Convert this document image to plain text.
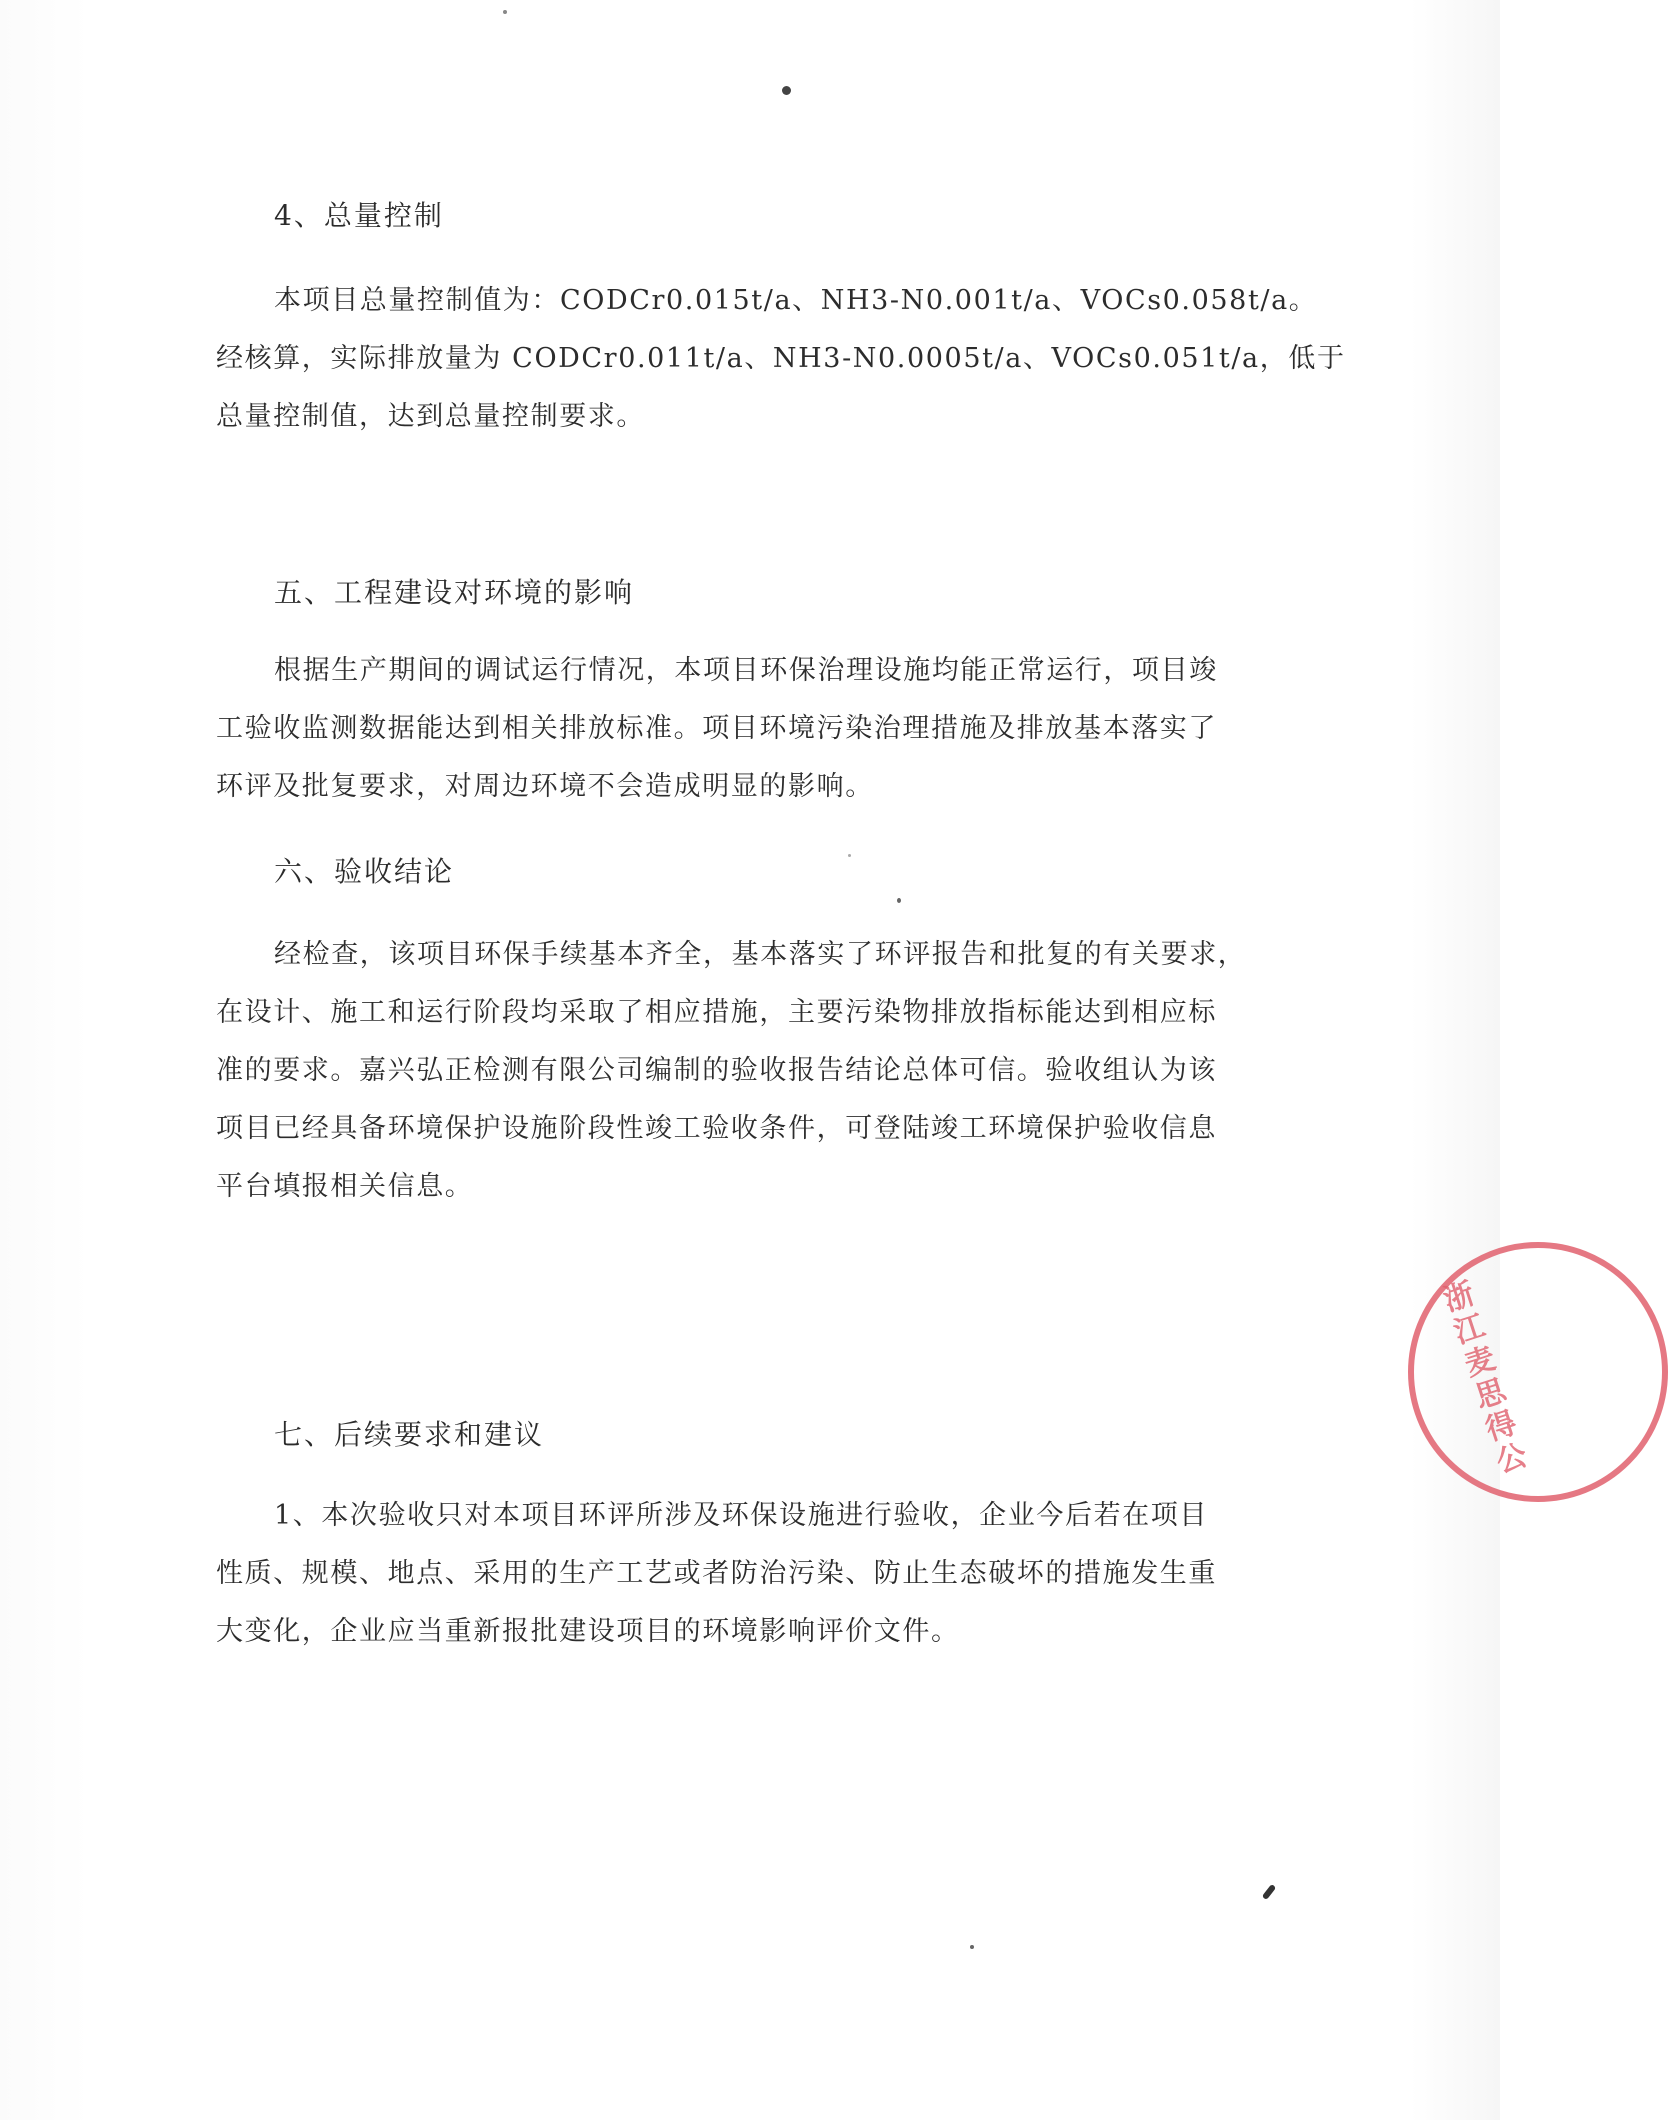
4、总量控制
本项目总量控制值为：CODCr0.015t/a、NH3-N0.001t/a、VOCs0.058t/a。
经核算，实际排放量为 CODCr0.011t/a、NH3-N0.0005t/a、VOCs0.051t/a，低于
总量控制值，达到总量控制要求。
五、工程建设对环境的影响
根据生产期间的调试运行情况，本项目环保治理设施均能正常运行，项目竣
工验收监测数据能达到相关排放标准。项目环境污染治理措施及排放基本落实了
环评及批复要求，对周边环境不会造成明显的影响。
六、验收结论
经检查，该项目环保手续基本齐全，基本落实了环评报告和批复的有关要求，
在设计、施工和运行阶段均采取了相应措施，主要污染物排放指标能达到相应标
准的要求。嘉兴弘正检测有限公司编制的验收报告结论总体可信。验收组认为该
项目已经具备环境保护设施阶段性竣工验收条件，可登陆竣工环境保护验收信息
平台填报相关信息。
七、后续要求和建议
1、本次验收只对本项目环评所涉及环保设施进行验收，企业今后若在项目
性质、规模、地点、采用的生产工艺或者防治污染、防止生态破坏的措施发生重
大变化，企业应当重新报批建设项目的环境影响评价文件。
浙江麦思得公
